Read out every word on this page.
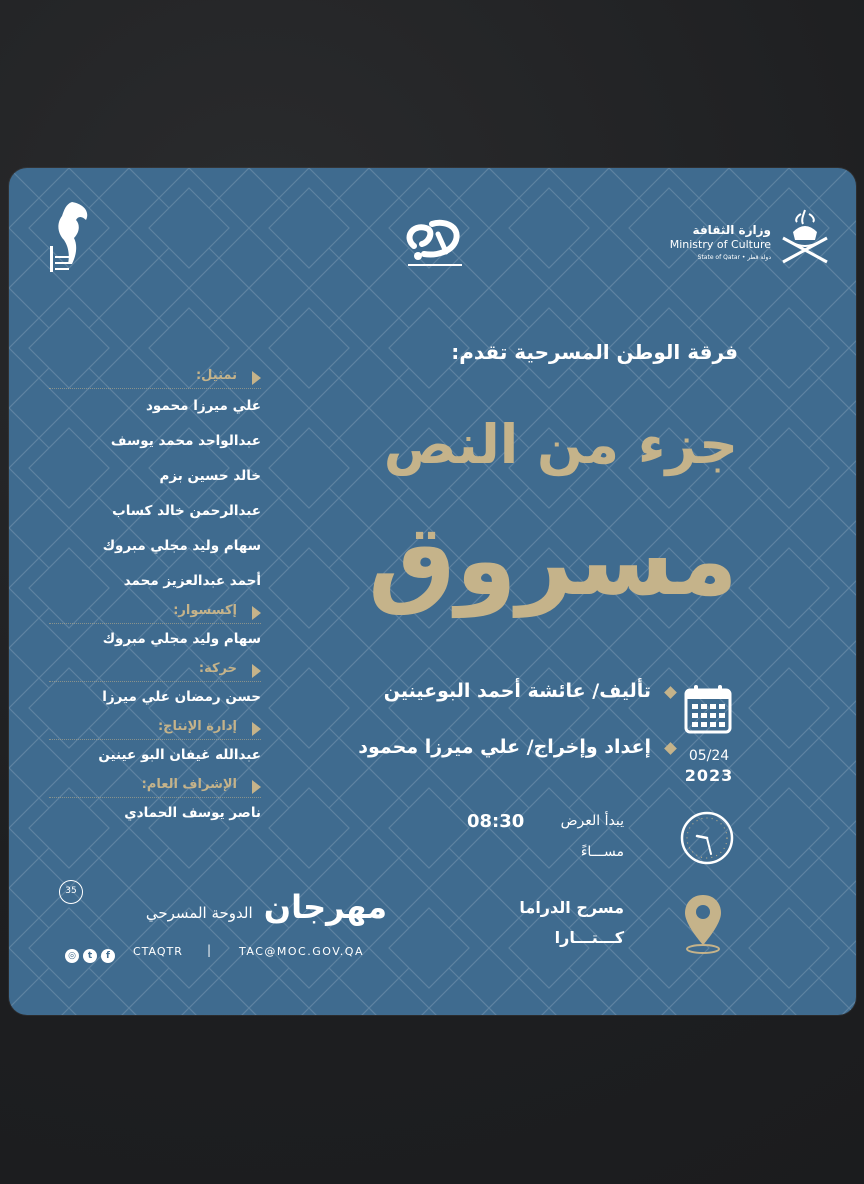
وزارة الثقافة
Ministry of Culture
State of Qatar • دولة قطر
فرقة الوطن المسرحية تقدم:
جزء من النص
مسروق
تأليف/ عائشة أحمد البوعينين
إعداد وإخراج/ علي ميرزا محمود	05/24
2023
يبدأ العرض
08:30
مســـاءً
مسرح الدراما
كـــتـــارا
تمثيل:
علي ميرزا محمود
عبدالواحد محمد يوسف
خالد حسين بزم
عبدالرحمن خالد كساب
سهام وليد مجلي مبروك
أحمد عبدالعزيز محمد
إكسسوار:
سهام وليد مجلي مبروك
حركة:
حسن رمضان علي ميرزا
إدارة الإنتاج:
عبدالله غيفان البو عينين
الإشراف العام:
ناصر يوسف الحمادي
35	مهرجان الدوحة المسرحي
◎	t	f	CTAQTR |	TAC@MOC.GOV.QA
